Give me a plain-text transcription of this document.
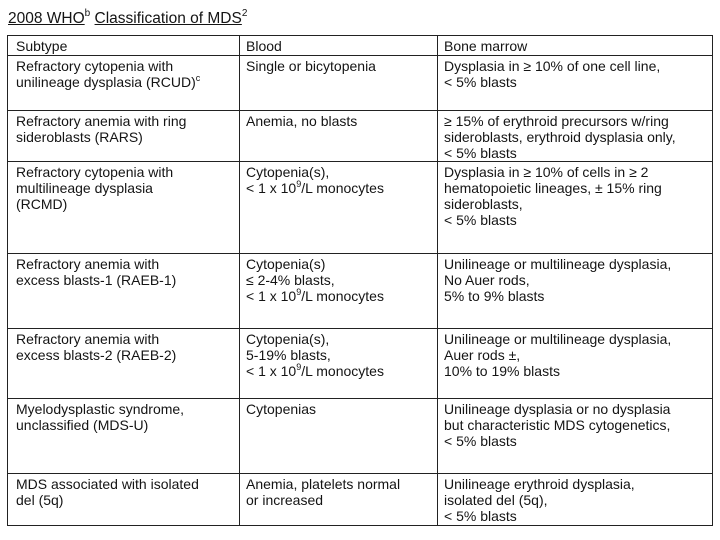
2008 WHO$^b$ Classification of MDS$^2$
Subtype	Blood	Bone marrow

Refractory cytopenia with
unilineage dysplasia (RCUD)$^c$	Single or bicytopenia	Dysplasia in ≥ 10% of one cell line,
< 5% blasts

Refractory anemia with ring
sideroblasts (RARS)	Anemia, no blasts	≥ 15% of erythroid precursors w/ring
sideroblasts, erythroid dysplasia only,
< 5% blasts

Refractory cytopenia with
multilineage dysplasia
(RCMD)	Cytopenia(s),
< 1 x $10^9/L$ monocytes	Dysplasia in ≥ 10% of cells in ≥ 2
hematopoietic lineages, ± 15% ring
sideroblasts,
< 5% blasts

Refractory anemia with
excess blasts-1 (RAEB-1)	Cytopenia(s)
≤ 2-4% blasts,
< 1 x $10^9/L$ monocytes	Unilineage or multilineage dysplasia,
No Auer rods,
5% to 9% blasts

Refractory anemia with
excess blasts-2 (RAEB-2)	Cytopenia(s),
5-19% blasts,
< 1 x $10^9/L$ monocytes	Unilineage or multilineage dysplasia,
Auer rods ±,
10% to 19% blasts

Myelodysplastic syndrome,
unclassified (MDS-U)	Cytopenias	Unilineage dysplasia or no dysplasia
but characteristic MDS cytogenetics,
< 5% blasts

MDS associated with isolated
del (5q)	Anemia, platelets normal
or increased	Unilineage erythroid dysplasia,
isolated del (5q),
< 5% blasts
